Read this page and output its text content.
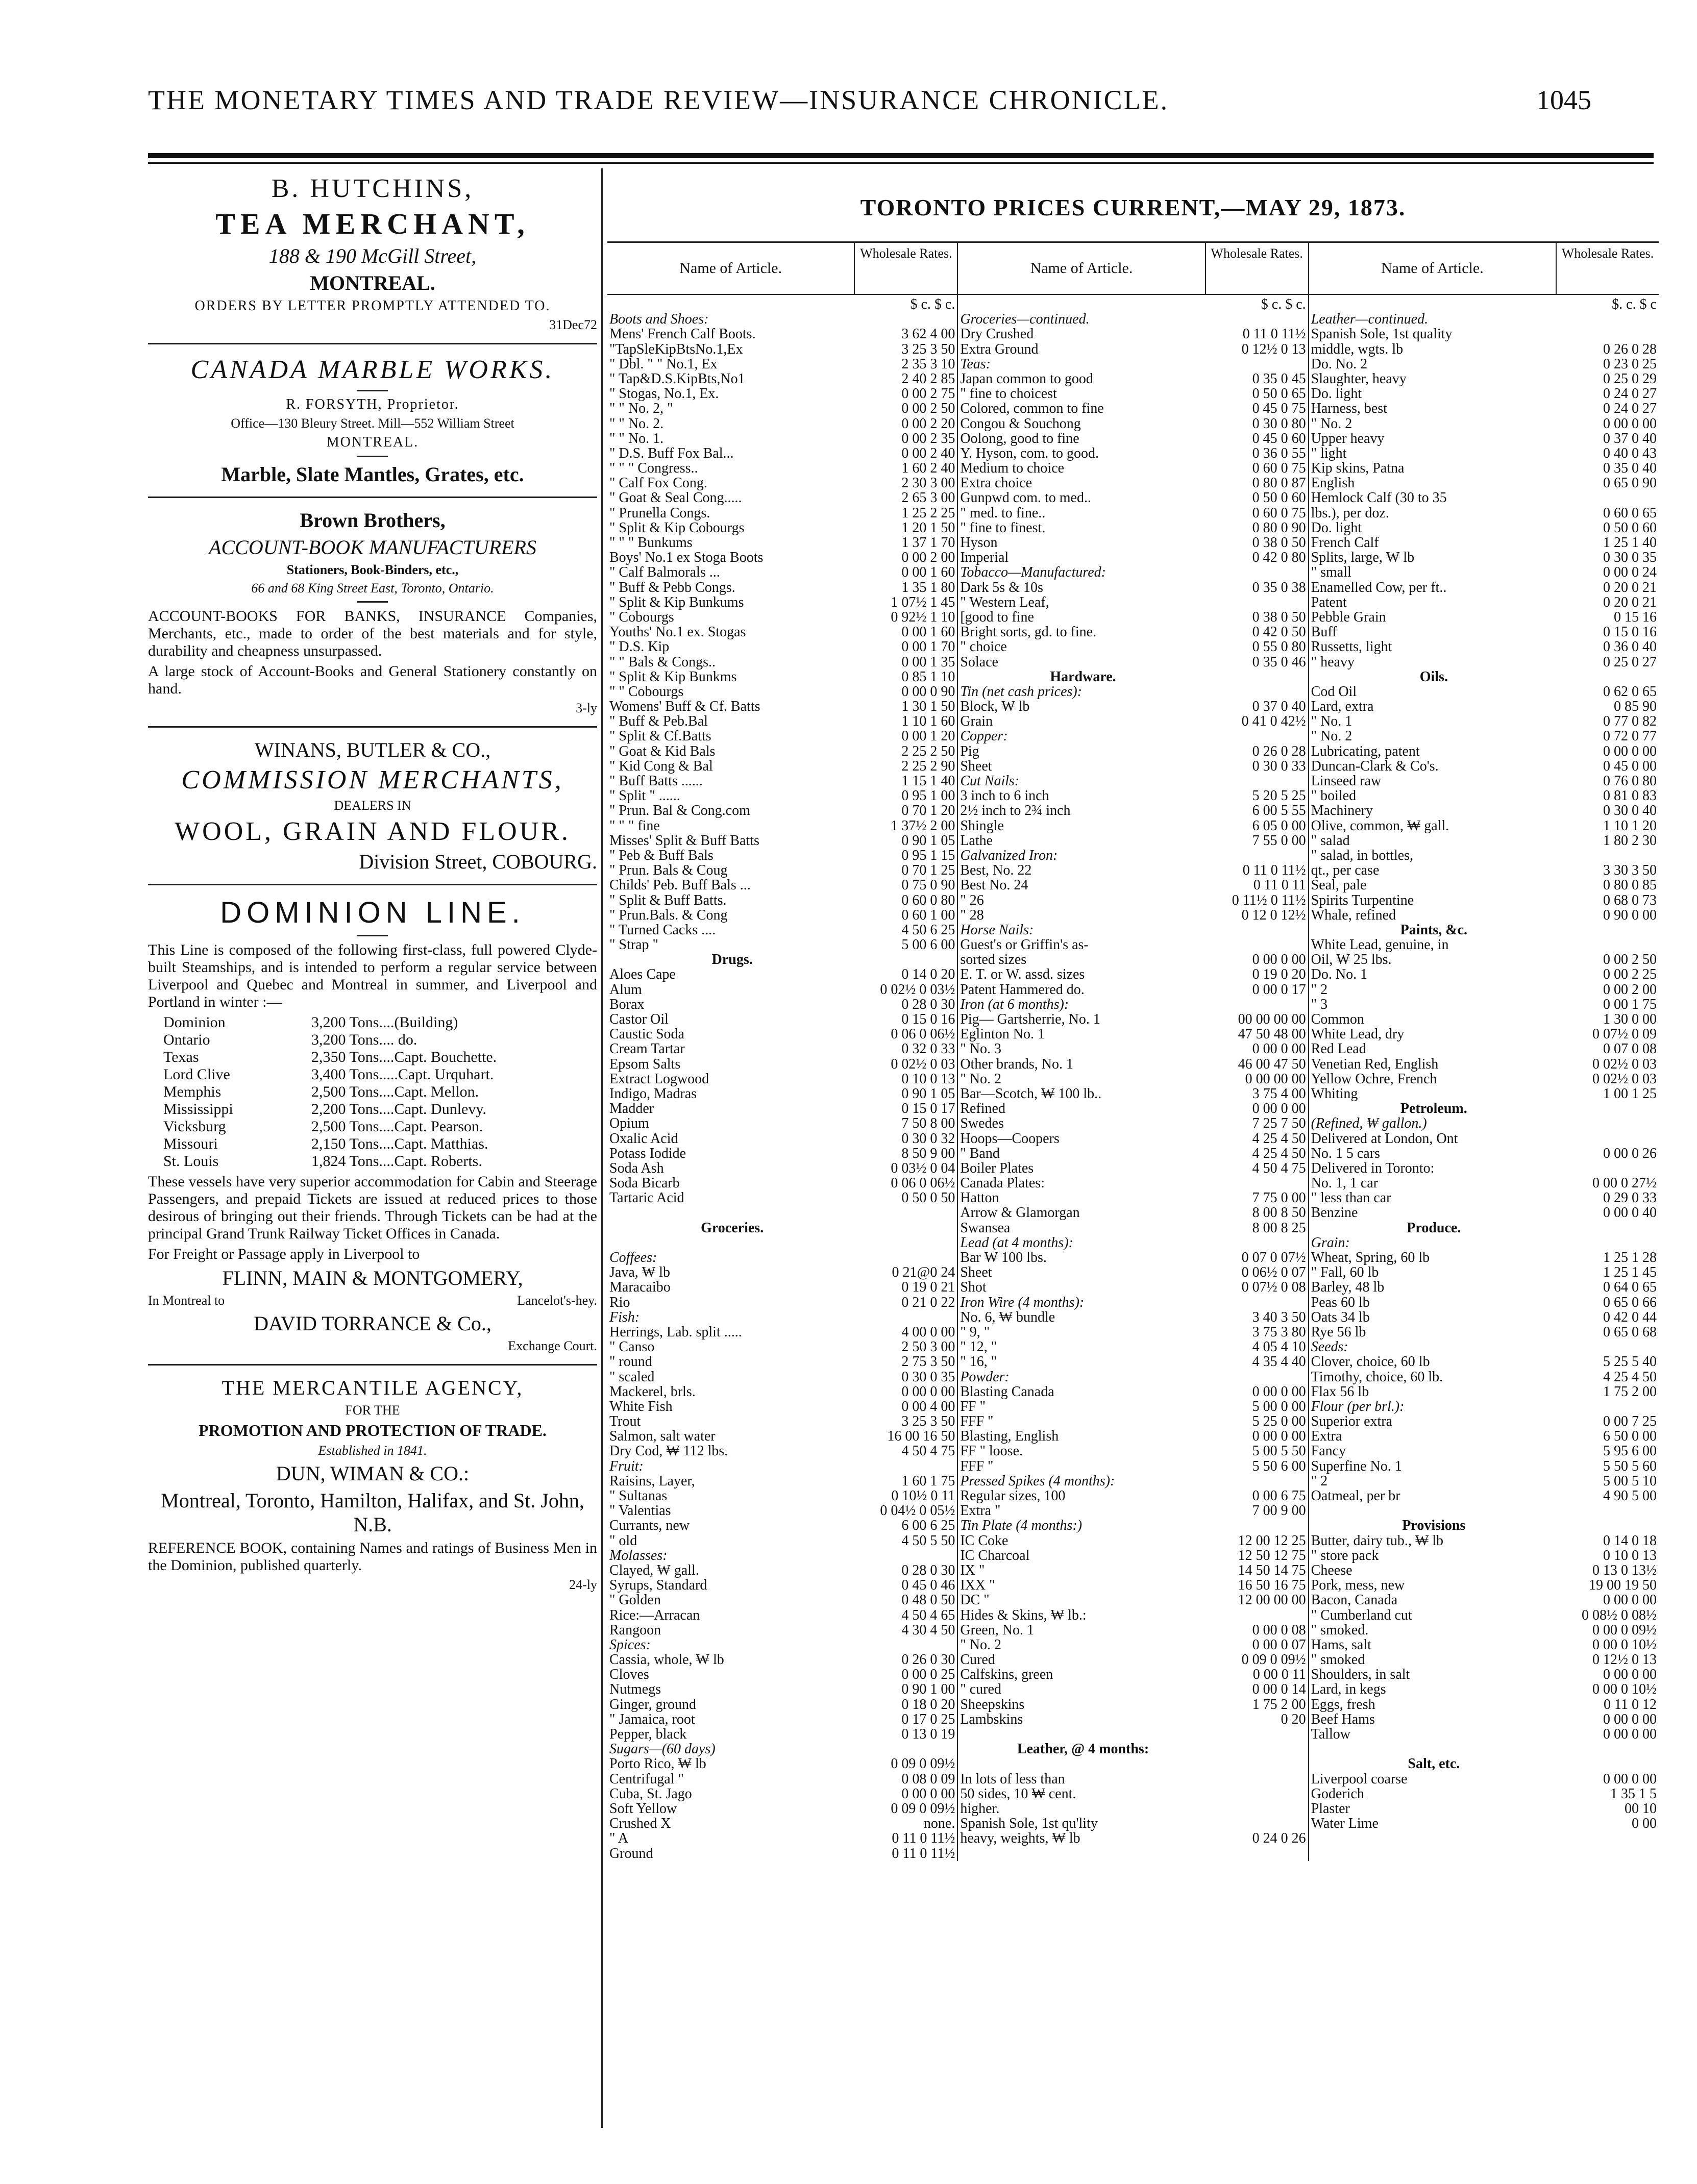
THE MONETARY TIMES AND TRADE REVIEW—INSURANCE CHRONICLE.	1045

B. HUTCHINS,

TEA MERCHANT,

188 & 190 McGill Street,

MONTREAL.

ORDERS BY LETTER PROMPTLY ATTENDED TO.

31Dec72

CANADA MARBLE WORKS.

R. FORSYTH, Proprietor.

Office—130 Bleury Street. Mill—552 William Street

MONTREAL.

Marble, Slate Mantles, Grates, etc.

Brown Brothers,

ACCOUNT-BOOK MANUFACTURERS

Stationers, Book-Binders, etc.,

66 and 68 King Street East, Toronto, Ontario.

ACCOUNT-BOOKS FOR BANKS, INSURANCE Companies, Merchants, etc., made to order of the best materials and for style, durability and cheapness unsurpassed.

A large stock of Account-Books and General Stationery constantly on hand.

3-ly

WINANS, BUTLER & CO.,

COMMISSION MERCHANTS,

DEALERS IN

WOOL, GRAIN AND FLOUR.

Division Street, COBOURG.

DOMINION LINE.

This Line is composed of the following first-class, full powered Clyde-built Steamships, and is intended to perform a regular service between Liverpool and Quebec and Montreal in summer, and Liverpool and Portland in winter :—

Dominion	3,200 Tons....(Building)
Ontario	3,200 Tons.... do.
Texas	2,350 Tons....Capt. Bouchette.
Lord Clive	3,400 Tons.....Capt. Urquhart.
Memphis	2,500 Tons....Capt. Mellon.
Mississippi	2,200 Tons....Capt. Dunlevy.
Vicksburg	2,500 Tons....Capt. Pearson.
Missouri	2,150 Tons....Capt. Matthias.
St. Louis	1,824 Tons....Capt. Roberts.

These vessels have very superior accommodation for Cabin and Steerage Passengers, and prepaid Tickets are issued at reduced prices to those desirous of bringing out their friends. Through Tickets can be had at the principal Grand Trunk Railway Ticket Offices in Canada.

For Freight or Passage apply in Liverpool to

FLINN, MAIN & MONTGOMERY,

In Montreal to	Lancelot's-hey.

DAVID TORRANCE & Co.,

Exchange Court.

THE MERCANTILE AGENCY,

FOR THE

PROMOTION AND PROTECTION OF TRADE.

Established in 1841.

DUN, WIMAN & CO.:

Montreal, Toronto, Hamilton, Halifax, and St. John, N.B.

REFERENCE BOOK, containing Names and ratings of Business Men in the Dominion, published quarterly.

24-ly

TORONTO PRICES CURRENT,—MAY 29, 1873.
Name of Article.
Wholesale Rates.
$ c. $ c.
Boots and Shoes:
Mens' French Calf Boots.	3 62 4 00
"TapSleKipBtsNo.1,Ex	3 25 3 50
" Dbl. " " No.1, Ex	2 35 3 10
" Tap&D.S.KipBts,No1	2 40 2 85
" Stogas, No.1, Ex.	0 00 2 75
" " No. 2, "	0 00 2 50
" " No. 2.	0 00 2 20
" " No. 1.	0 00 2 35
" D.S. Buff Fox Bal...	0 00 2 40
" " " Congress..	1 60 2 40
" Calf Fox Cong.	2 30 3 00
" Goat & Seal Cong.....	2 65 3 00
" Prunella Congs.	1 25 2 25
" Split & Kip Cobourgs	1 20 1 50
" " " Bunkums	1 37 1 70
Boys' No.1 ex Stoga Boots	0 00 2 00
" Calf Balmorals ...	0 00 1 60
" Buff & Pebb Congs.	1 35 1 80
" Split & Kip Bunkums	1 07½ 1 45
" Cobourgs	0 92½ 1 10
Youths' No.1 ex. Stogas	0 00 1 60
" D.S. Kip	0 00 1 70
" " Bals & Congs..	0 00 1 35
" Split & Kip Bunkms	0 85 1 10
" " Cobourgs	0 00 0 90
Womens' Buff & Cf. Batts	1 30 1 50
" Buff & Peb.Bal	1 10 1 60
" Split & Cf.Batts	0 00 1 20
" Goat & Kid Bals	2 25 2 50
" Kid Cong & Bal	2 25 2 90
" Buff Batts ......	1 15 1 40
" Split " ......	0 95 1 00
" Prun. Bal & Cong.com	0 70 1 20
" " " fine	1 37½ 2 00
Misses' Split & Buff Batts	0 90 1 05
" Peb & Buff Bals	0 95 1 15
" Prun. Bals & Coug	0 70 1 25
Childs' Peb. Buff Bals ...	0 75 0 90
" Split & Buff Batts.	0 60 0 80
" Prun.Bals. & Cong	0 60 1 00
" Turned Cacks ....	4 50 6 25
" Strap "	5 00 6 00
Drugs.
Aloes Cape	0 14 0 20
Alum	0 02½ 0 03½
Borax	0 28 0 30
Castor Oil	0 15 0 16
Caustic Soda	0 06 0 06½
Cream Tartar	0 32 0 33
Epsom Salts	0 02½ 0 03
Extract Logwood	0 10 0 13
Indigo, Madras	0 90 1 05
Madder	0 15 0 17
Opium	7 50 8 00
Oxalic Acid	0 30 0 32
Potass Iodide	8 50 9 00
Soda Ash	0 03½ 0 04
Soda Bicarb	0 06 0 06½
Tartaric Acid	0 50 0 50
Groceries.
Coffees:
Java, ₩ lb	0 21@0 24
Maracaibo	0 19 0 21
Rio	0 21 0 22
Fish:
Herrings, Lab. split .....	4 00 0 00
" Canso	2 50 3 00
" round	2 75 3 50
" scaled	0 30 0 35
Mackerel, brls.	0 00 0 00
White Fish	0 00 4 00
Trout	3 25 3 50
Salmon, salt water	16 00 16 50
Dry Cod, ₩ 112 lbs.	4 50 4 75
Fruit:
Raisins, Layer,	1 60 1 75
" Sultanas	0 10½ 0 11
" Valentias	0 04½ 0 05½
Currants, new	6 00 6 25
" old	4 50 5 50
Molasses:
Clayed, ₩ gall.	0 28 0 30
Syrups, Standard	0 45 0 46
" Golden	0 48 0 50
Rice:—Arracan	4 50 4 65
Rangoon	4 30 4 50
Spices:
Cassia, whole, ₩ lb	0 26 0 30
Cloves	0 00 0 25
Nutmegs	0 90 1 00
Ginger, ground	0 18 0 20
" Jamaica, root	0 17 0 25
Pepper, black	0 13 0 19
Sugars—(60 days)
Porto Rico, ₩ lb	0 09 0 09½
Centrifugal "	0 08 0 09
Cuba, St. Jago	0 00 0 00
Soft Yellow	0 09 0 09½
Crushed X	none.
" A	0 11 0 11½
Ground	0 11 0 11½
Name of Article.
Wholesale Rates.
$ c. $ c.
Groceries—continued.
Dry Crushed	0 11 0 11½
Extra Ground	0 12½ 0 13
Teas:
Japan common to good	0 35 0 45
" fine to choicest	0 50 0 65
Colored, common to fine	0 45 0 75
Congou & Souchong	0 30 0 80
Oolong, good to fine	0 45 0 60
Y. Hyson, com. to good.	0 36 0 55
Medium to choice	0 60 0 75
Extra choice	0 80 0 87
Gunpwd com. to med..	0 50 0 60
" med. to fine..	0 60 0 75
" fine to finest.	0 80 0 90
Hyson	0 38 0 50
Imperial	0 42 0 80
Tobacco—Manufactured:
Dark 5s & 10s	0 35 0 38
" Western Leaf,
[good to fine	0 38 0 50
Bright sorts, gd. to fine.	0 42 0 50
" choice	0 55 0 80
Solace	0 35 0 46
Hardware.
Tin (net cash prices):
Block, ₩ lb	0 37 0 40
Grain	0 41 0 42½
Copper:
Pig	0 26 0 28
Sheet	0 30 0 33
Cut Nails:
3 inch to 6 inch	5 20 5 25
2½ inch to 2¾ inch	6 00 5 55
Shingle	6 05 0 00
Lathe	7 55 0 00
Galvanized Iron:
Best, No. 22	0 11 0 11½
Best No. 24	0 11 0 11
" 26	0 11½ 0 11½
" 28	0 12 0 12½
Horse Nails:
Guest's or Griffin's as-
sorted sizes	0 00 0 00
E. T. or W. assd. sizes	0 19 0 20
Patent Hammered do.	0 00 0 17
Iron (at 6 months):
Pig— Gartsherrie, No. 1	00 00 00 00
Eglinton No. 1	47 50 48 00
" No. 3	0 00 0 00
Other brands, No. 1	46 00 47 50
" No. 2	0 00 00 00
Bar—Scotch, ₩ 100 lb..	3 75 4 00
Refined	0 00 0 00
Swedes	7 25 7 50
Hoops—Coopers	4 25 4 50
" Band	4 25 4 50
Boiler Plates	4 50 4 75
Canada Plates:
Hatton	7 75 0 00
Arrow & Glamorgan	8 00 8 50
Swansea	8 00 8 25
Lead (at 4 months):
Bar ₩ 100 lbs.	0 07 0 07½
Sheet	0 06½ 0 07
Shot	0 07½ 0 08
Iron Wire (4 months):
No. 6, ₩ bundle	3 40 3 50
" 9, "	3 75 3 80
" 12, "	4 05 4 10
" 16, "	4 35 4 40
Powder:
Blasting Canada	0 00 0 00
FF "	5 00 0 00
FFF "	5 25 0 00
Blasting, English	0 00 0 00
FF " loose.	5 00 5 50
FFF "	5 50 6 00
Pressed Spikes (4 months):
Regular sizes, 100	0 00 6 75
Extra "	7 00 9 00
Tin Plate (4 months:)
IC Coke	12 00 12 25
IC Charcoal	12 50 12 75
IX "	14 50 14 75
IXX "	16 50 16 75
DC "	12 00 00 00
Hides & Skins, ₩ lb.:
Green, No. 1	0 00 0 08
" No. 2	0 00 0 07
Cured	0 09 0 09½
Calfskins, green	0 00 0 11
" cured	0 00 0 14
Sheepskins	1 75 2 00
Lambskins	0 20
Leather, @ 4 months:
In lots of less than
50 sides, 10 ₩ cent.
higher.
Spanish Sole, 1st qu'lity
heavy, weights, ₩ lb	0 24 0 26
Name of Article.
Wholesale Rates.
$. c. $ c
Leather—continued.
Spanish Sole, 1st quality
middle, wgts. lb	0 26 0 28
Do. No. 2	0 23 0 25
Slaughter, heavy	0 25 0 29
Do. light	0 24 0 27
Harness, best	0 24 0 27
" No. 2	0 00 0 00
Upper heavy	0 37 0 40
" light	0 40 0 43
Kip skins, Patna	0 35 0 40
English	0 65 0 90
Hemlock Calf (30 to 35
lbs.), per doz.	0 60 0 65
Do. light	0 50 0 60
French Calf	1 25 1 40
Splits, large, ₩ lb	0 30 0 35
" small	0 00 0 24
Enamelled Cow, per ft..	0 20 0 21
Patent	0 20 0 21
Pebble Grain	0 15 16
Buff	0 15 0 16
Russetts, light	0 36 0 40
" heavy	0 25 0 27
Oils.
Cod Oil	0 62 0 65
Lard, extra	0 85 90
" No. 1	0 77 0 82
" No. 2	0 72 0 77
Lubricating, patent	0 00 0 00
Duncan-Clark & Co's.	0 45 0 00
Linseed raw	0 76 0 80
" boiled	0 81 0 83
Machinery	0 30 0 40
Olive, common, ₩ gall.	1 10 1 20
" salad	1 80 2 30
" salad, in bottles,
qt., per case	3 30 3 50
Seal, pale	0 80 0 85
Spirits Turpentine	0 68 0 73
Whale, refined	0 90 0 00
Paints, &c.
White Lead, genuine, in
Oil, ₩ 25 lbs.	0 00 2 50
Do. No. 1	0 00 2 25
" 2	0 00 2 00
" 3	0 00 1 75
Common	1 30 0 00
White Lead, dry	0 07½ 0 09
Red Lead	0 07 0 08
Venetian Red, English	0 02½ 0 03
Yellow Ochre, French	0 02½ 0 03
Whiting	1 00 1 25
Petroleum.
(Refined, ₩ gallon.)
Delivered at London, Ont
No. 1 5 cars	0 00 0 26
Delivered in Toronto:
No. 1, 1 car	0 00 0 27½
" less than car	0 29 0 33
Benzine	0 00 0 40
Produce.
Grain:
Wheat, Spring, 60 lb	1 25 1 28
" Fall, 60 lb	1 25 1 45
Barley, 48 lb	0 64 0 65
Peas 60 lb	0 65 0 66
Oats 34 lb	0 42 0 44
Rye 56 lb	0 65 0 68
Seeds:
Clover, choice, 60 lb	5 25 5 40
Timothy, choice, 60 lb.	4 25 4 50
Flax 56 lb	1 75 2 00
Flour (per brl.):
Superior extra	0 00 7 25
Extra	6 50 0 00
Fancy	5 95 6 00
Superfine No. 1	5 50 5 60
" 2	5 00 5 10
Oatmeal, per br	4 90 5 00
Provisions
Butter, dairy tub., ₩ lb	0 14 0 18
" store pack	0 10 0 13
Cheese	0 13 0 13½
Pork, mess, new	19 00 19 50
Bacon, Canada	0 00 0 00
" Cumberland cut	0 08½ 0 08½
" smoked.	0 00 0 09½
Hams, salt	0 00 0 10½
" smoked	0 12½ 0 13
Shoulders, in salt	0 00 0 00
Lard, in kegs	0 00 0 10½
Eggs, fresh	0 11 0 12
Beef Hams	0 00 0 00
Tallow	0 00 0 00
Salt, etc.
Liverpool coarse	0 00 0 00
Goderich	1 35 1 5
Plaster	00 10
Water Lime	0 00
